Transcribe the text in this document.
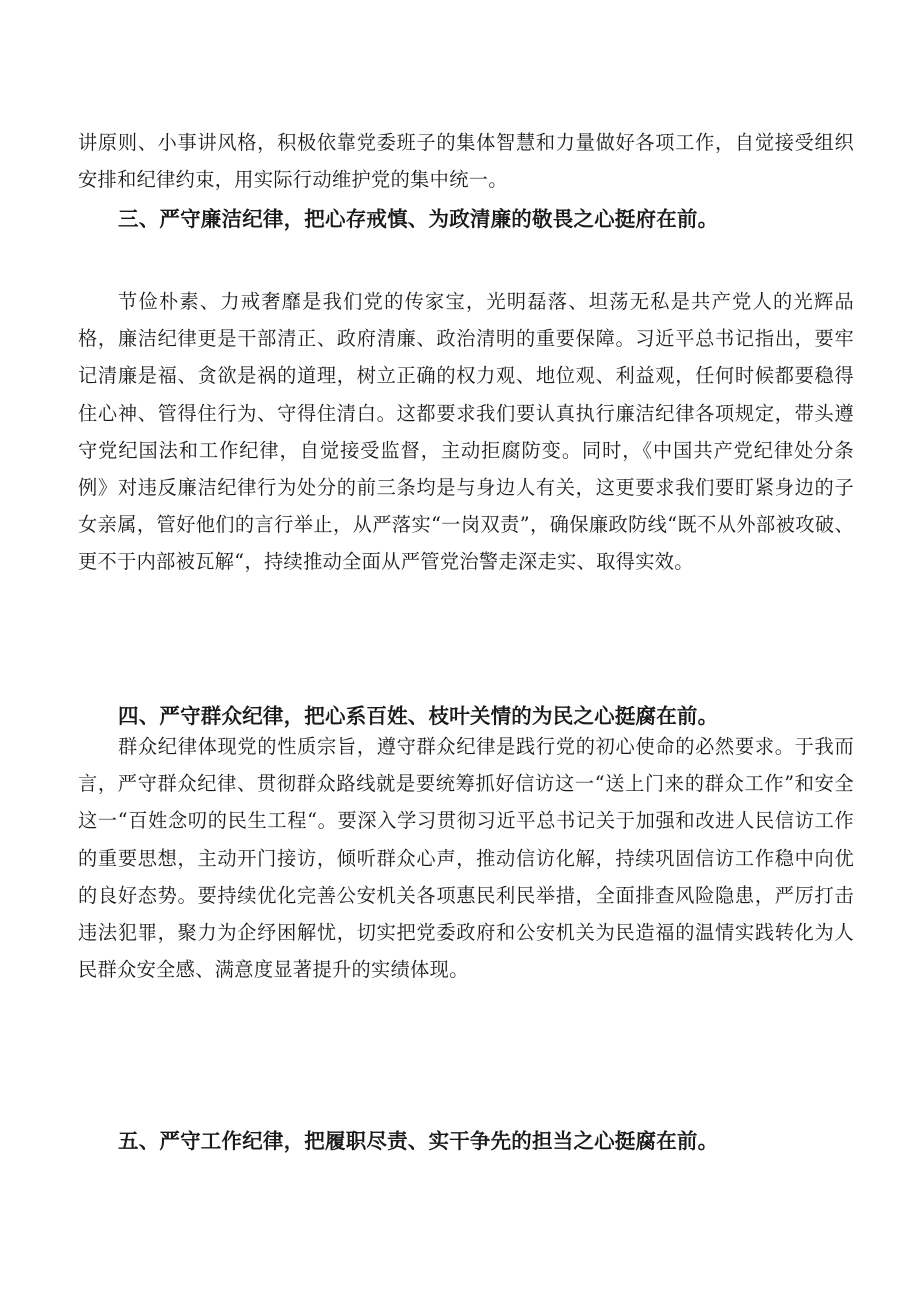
讲原则、小事讲风格，积极依靠党委班子的集体智慧和力量做好各项工作，自觉接受组织安排和纪律约束，用实际行动维护党的集中统一。

三、严守廉洁纪律，把心存戒慎、为政清廉的敬畏之心挺府在前。

节俭朴素、力戒奢靡是我们党的传家宝，光明磊落、坦荡无私是共产党人的光辉品格，廉洁纪律更是干部清正、政府清廉、政治清明的重要保障。习近平总书记指出，要牢记清廉是福、贪欲是祸的道理，树立正确的权力观、地位观、利益观，任何时候都要稳得住心神、管得住行为、守得住清白。这都要求我们要认真执行廉洁纪律各项规定，带头遵守党纪国法和工作纪律，自觉接受监督，主动拒腐防变。同时，《中国共产党纪律处分条例》对违反廉洁纪律行为处分的前三条均是与身边人有关，这更要求我们要盯紧身边的子女亲属，管好他们的言行举止，从严落实“一岗双责”，确保廉政防线“既不从外部被攻破、更不于内部被瓦解“，持续推动全面从严管党治警走深走实、取得实效。

四、严守群众纪律，把心系百姓、枝叶关情的为民之心挺腐在前。

群众纪律体现党的性质宗旨，遵守群众纪律是践行党的初心使命的必然要求。于我而言，严守群众纪律、贯彻群众路线就是要统筹抓好信访这一“送上门来的群众工作”和安全这一“百姓念叨的民生工程“。要深入学习贯彻习近平总书记关于加强和改进人民信访工作的重要思想，主动开门接访，倾听群众心声，推动信访化解，持续巩固信访工作稳中向优的良好态势。要持续优化完善公安机关各项惠民利民举措，全面排查风险隐患，严厉打击违法犯罪，聚力为企纾困解忧，切实把党委政府和公安机关为民造福的温情实践转化为人民群众安全感、满意度显著提升的实绩体现。

五、严守工作纪律，把履职尽责、实干争先的担当之心挺腐在前。
